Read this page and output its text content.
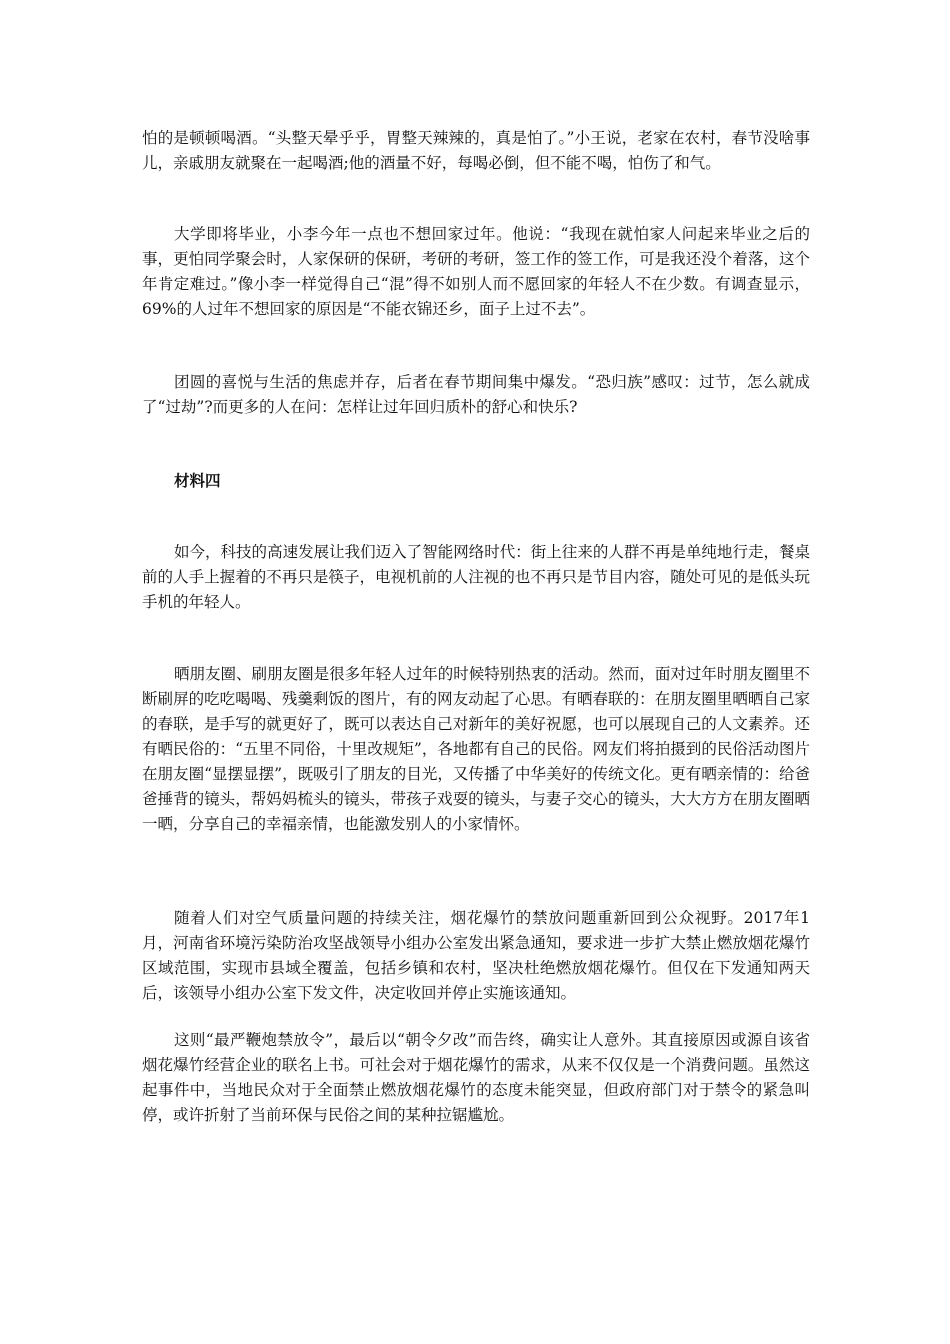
怕的是顿顿喝酒。“头整天晕乎乎，胃整天辣辣的，真是怕了。”小王说，老家在农村，春节没啥事儿，亲戚朋友就聚在一起喝酒;他的酒量不好，每喝必倒，但不能不喝，怕伤了和气。

大学即将毕业，小李今年一点也不想回家过年。他说：“我现在就怕家人问起来毕业之后的事，更怕同学聚会时，人家保研的保研，考研的考研，签工作的签工作，可是我还没个着落，这个年肯定难过。”像小李一样觉得自己“混”得不如别人而不愿回家的年轻人不在少数。有调查显示，69%的人过年不想回家的原因是“不能衣锦还乡，面子上过不去”。

团圆的喜悦与生活的焦虑并存，后者在春节期间集中爆发。“恐归族”感叹：过节，怎么就成了“过劫”?而更多的人在问：怎样让过年回归质朴的舒心和快乐?

材料四

如今，科技的高速发展让我们迈入了智能网络时代：街上往来的人群不再是单纯地行走，餐桌前的人手上握着的不再只是筷子，电视机前的人注视的也不再只是节目内容，随处可见的是低头玩手机的年轻人。

晒朋友圈、刷朋友圈是很多年轻人过年的时候特别热衷的活动。然而，面对过年时朋友圈里不断刷屏的吃吃喝喝、残羹剩饭的图片，有的网友动起了心思。有晒春联的：在朋友圈里晒晒自己家的春联，是手写的就更好了，既可以表达自己对新年的美好祝愿，也可以展现自己的人文素养。还有晒民俗的：“五里不同俗，十里改规矩”，各地都有自己的民俗。网友们将拍摄到的民俗活动图片在朋友圈“显摆显摆”，既吸引了朋友的目光，又传播了中华美好的传统文化。更有晒亲情的：给爸爸捶背的镜头，帮妈妈梳头的镜头，带孩子戏耍的镜头，与妻子交心的镜头，大大方方在朋友圈晒一晒，分享自己的幸福亲情，也能激发别人的小家情怀。

随着人们对空气质量问题的持续关注，烟花爆竹的禁放问题重新回到公众视野。2017年1月，河南省环境污染防治攻坚战领导小组办公室发出紧急通知，要求进一步扩大禁止燃放烟花爆竹区域范围，实现市县域全覆盖，包括乡镇和农村，坚决杜绝燃放烟花爆竹。但仅在下发通知两天后，该领导小组办公室下发文件，决定收回并停止实施该通知。

这则“最严鞭炮禁放令”，最后以“朝令夕改”而告终，确实让人意外。其直接原因或源自该省烟花爆竹经营企业的联名上书。可社会对于烟花爆竹的需求，从来不仅仅是一个消费问题。虽然这起事件中，当地民众对于全面禁止燃放烟花爆竹的态度未能突显，但政府部门对于禁令的紧急叫停，或许折射了当前环保与民俗之间的某种拉锯尴尬。
